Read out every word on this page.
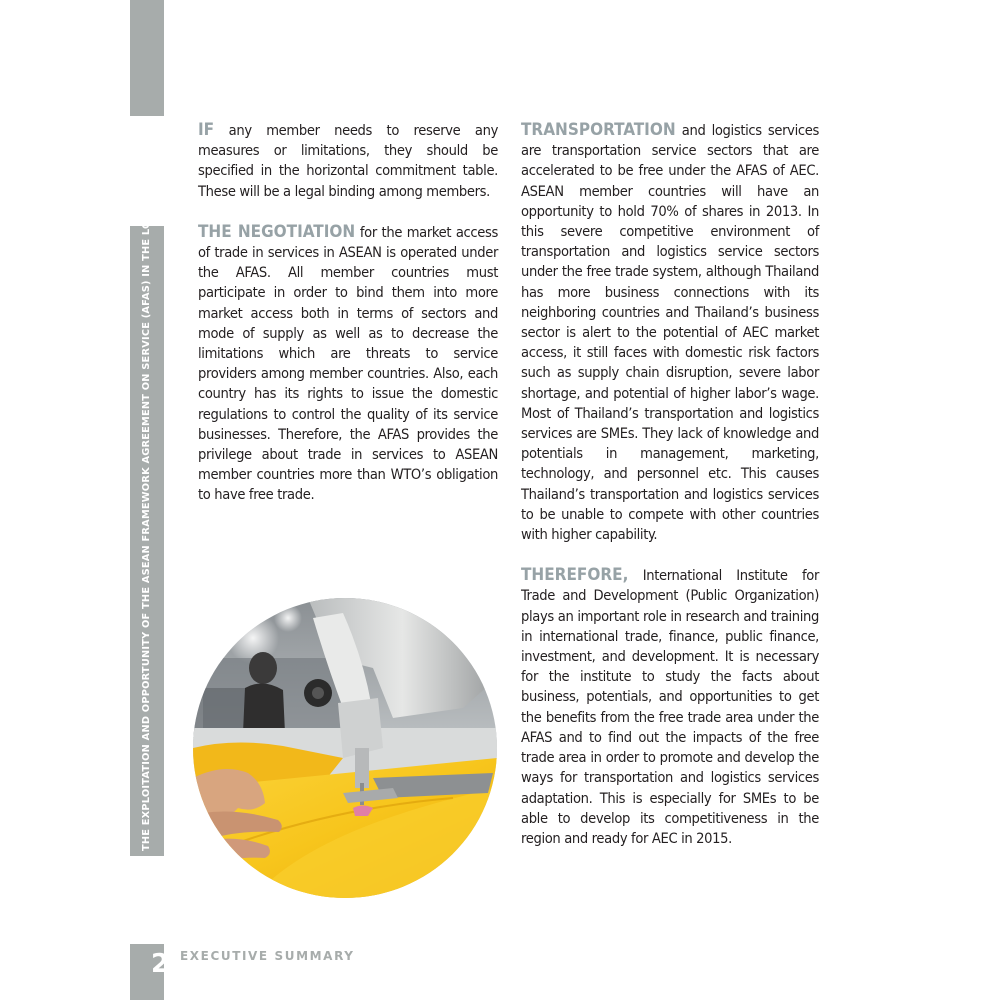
THE EXPLOITATION AND OPPORTUNITY OF THE ASEAN FRAMEWORK AGREEMENT ON SERVICE (AFAS) IN THE LOGISTICS BUSINESS	IF any member needs to reserve any measures or limitations, they should be specified in the horizontal commitment table. These will be a legal binding among members.

THE NEGOTIATION for the market access of trade in services in ASEAN is operated under the AFAS. All member countries must participate in order to bind them into more market access both in terms of sectors and mode of supply as well as to decrease the limitations which are threats to service providers among member countries. Also, each country has its rights to issue the domestic regulations to control the quality of its service businesses. Therefore, the AFAS provides the privilege about trade in services to ASEAN member countries more than WTO’s obligation to have free trade.

TRANSPORTATION and logistics services are transportation service sectors that are accelerated to be free under the AFAS of AEC. ASEAN member countries will have an opportunity to hold 70% of shares in 2013. In this severe competitive environment of transportation and logistics service sectors under the free trade system, although Thailand has more business connections with its neighboring countries and Thailand’s business sector is alert to the potential of AEC market access, it still faces with domestic risk factors such as supply chain disruption, severe labor shortage, and potential of higher labor’s wage. Most of Thailand’s transportation and logistics services are SMEs. They lack of knowledge and potentials in management, marketing, technology, and personnel etc. This causes Thailand’s transportation and logistics services to be unable to compete with other countries with higher capability.

THEREFORE, International Institute for Trade and Development (Public Organization) plays an important role in research and training in international trade, finance, public finance, investment, and development. It is necessary for the institute to study the facts about business, potentials, and opportunities to get the benefits from the free trade area under the AFAS and to find out the impacts of the free trade area in order to promote and develop the ways for transportation and logistics services adaptation. This is especially for SMEs to be able to develop its competitiveness in the region and ready for AEC in 2015.

2 EXECUTIVE SUMMARY
